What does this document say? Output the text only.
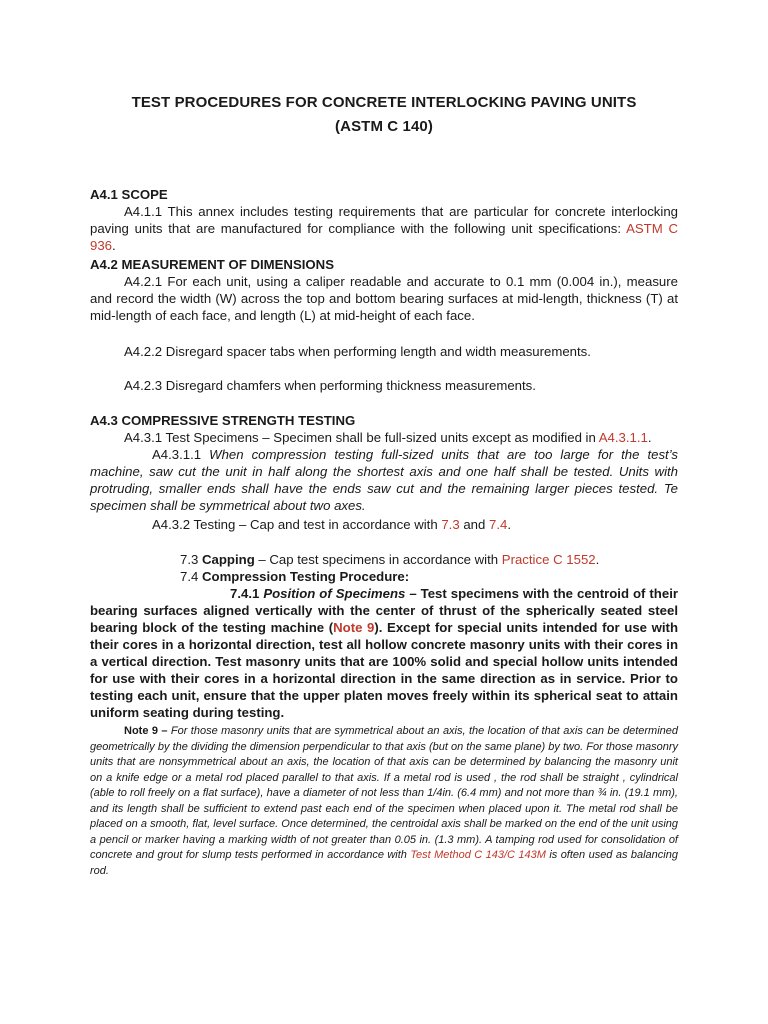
TEST PROCEDURES FOR CONCRETE INTERLOCKING PAVING UNITS
(ASTM C 140)
A4.1 SCOPE
A4.1.1 This annex includes testing requirements that are particular for concrete interlocking paving units that are manufactured for compliance with the following unit specifications: ASTM C 936.
A4.2 MEASUREMENT OF DIMENSIONS
A4.2.1 For each unit, using a caliper readable and accurate to 0.1 mm (0.004 in.), measure and record the width (W) across the top and bottom bearing surfaces at mid-length, thickness (T) at mid-length of each face, and length (L) at mid-height of each face.
A4.2.2 Disregard spacer tabs when performing length and width measurements.
A4.2.3 Disregard chamfers when performing thickness measurements.
A4.3 COMPRESSIVE STRENGTH TESTING
A4.3.1 Test Specimens – Specimen shall be full-sized units except as modified in A4.3.1.1.
A4.3.1.1 When compression testing full-sized units that are too large for the test’s machine, saw cut the unit in half along the shortest axis and one half shall be tested. Units with protruding, smaller ends shall have the ends saw cut and the remaining larger pieces tested. Te specimen shall be symmetrical about two axes.
A4.3.2 Testing – Cap and test in accordance with 7.3 and 7.4.
7.3 Capping – Cap test specimens in accordance with Practice C 1552.
7.4 Compression Testing Procedure:
7.4.1 Position of Specimens – Test specimens with the centroid of their bearing surfaces aligned vertically with the center of thrust of the spherically seated steel bearing block of the testing machine (Note 9). Except for special units intended for use with their cores in a horizontal direction, test all hollow concrete masonry units with their cores in a vertical direction. Test masonry units that are 100% solid and special hollow units intended for use with their cores in a horizontal direction in the same direction as in service. Prior to testing each unit, ensure that the upper platen moves freely within its spherical seat to attain uniform seating during testing.
Note 9 – For those masonry units that are symmetrical about an axis, the location of that axis can be determined geometrically by the dividing the dimension perpendicular to that axis (but on the same plane) by two. For those masonry units that are nonsymmetrical about an axis, the location of that axis can be determined by balancing the masonry unit on a knife edge or a metal rod placed parallel to that axis. If a metal rod is used , the rod shall be straight , cylindrical (able to roll freely on a flat surface), have a diameter of not less than 1/4in. (6.4 mm) and not more than ¾ in. (19.1 mm), and its length shall be sufficient to extend past each end of the specimen when placed upon it. The metal rod shall be placed on a smooth, flat, level surface. Once determined, the centroidal axis shall be marked on the end of the unit using a pencil or marker having a marking width of not greater than 0.05 in. (1.3 mm). A tamping rod used for consolidation of concrete and grout for slump tests performed in accordance with Test Method C 143/C 143M is often used as balancing rod.
